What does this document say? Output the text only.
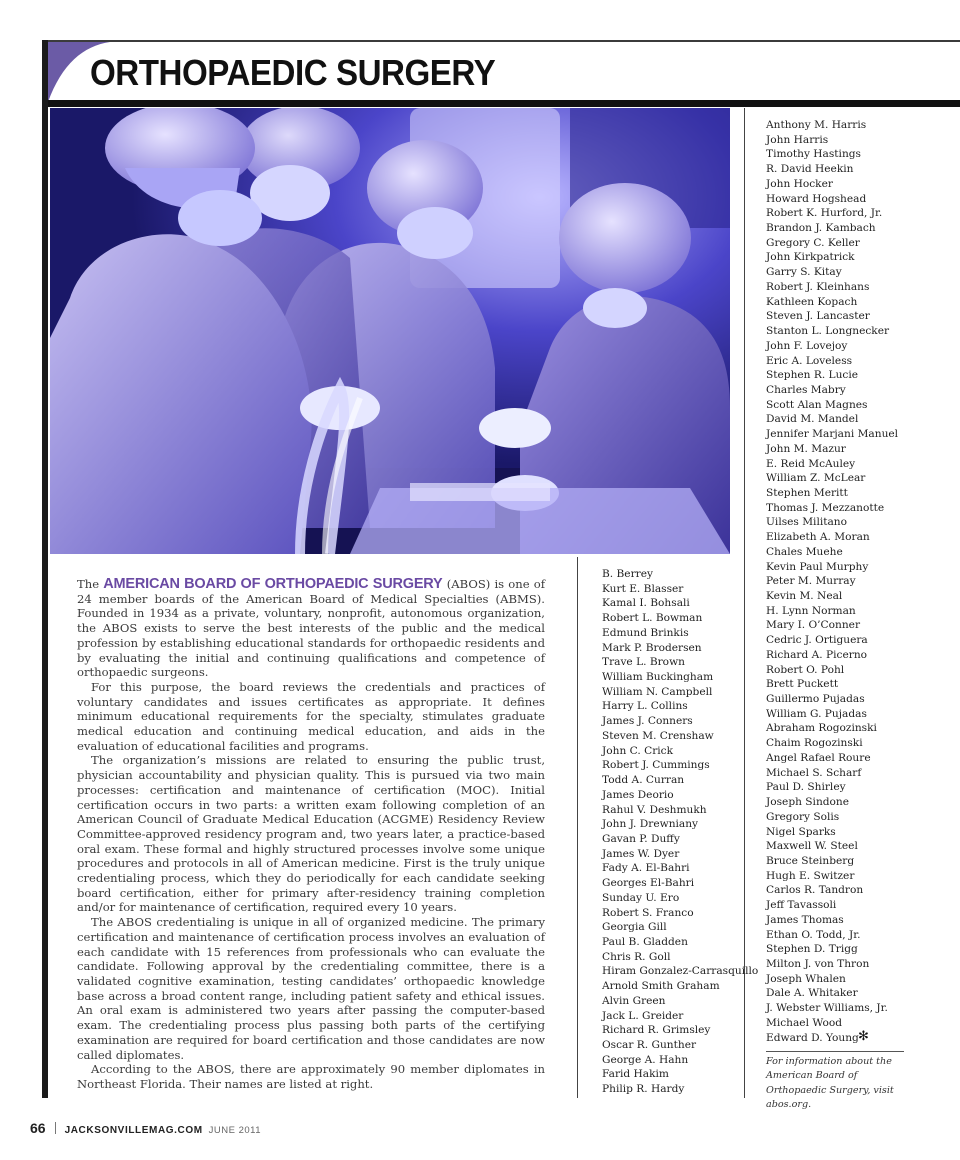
ORTHOPAEDIC SURGERY

The AMERICAN BOARD OF ORTHOPAEDIC SURGERY (ABOS) is one of 24 member boards of the American Board of Medical Specialties (ABMS). Founded in 1934 as a private, voluntary, nonprofit, autonomous organization, the ABOS exists to serve the best interests of the public and the medical profession by establishing educational standards for orthopaedic residents and by evaluating the initial and continuing qualifications and competence of orthopaedic surgeons.

For this purpose, the board reviews the credentials and practices of voluntary candidates and issues certificates as appropriate. It defines minimum educational requirements for the specialty, stimulates graduate medical education and continuing medical education, and aids in the evaluation of educational facilities and programs.

The organization’s missions are related to ensuring the public trust, physician accountability and physician quality. This is pursued via two main processes: certification and maintenance of certification (MOC). Initial certification occurs in two parts: a written exam following completion of an American Council of Graduate Medical Education (ACGME) Residency Review Committee-approved residency program and, two years later, a practice-based oral exam. These formal and highly structured processes involve some unique procedures and protocols in all of American medicine. First is the truly unique credentialing process, which they do periodically for each candidate seeking board certification, either for primary after-residency training completion and/or for maintenance of certification, required every 10 years.

The ABOS credentialing is unique in all of organized medicine. The primary certification and maintenance of certification process involves an evaluation of each candidate with 15 references from professionals who can evaluate the candidate. Following approval by the credentialing committee, there is a validated cognitive examination, testing candidates’ orthopaedic knowledge base across a broad content range, including patient safety and ethical issues. An oral exam is administered two years after passing the computer-based exam. The credentialing process plus passing both parts of the certifying examination are required for board certification and those candidates are now called diplomates.

According to the ABOS, there are approximately 90 member diplomates in Northeast Florida. Their names are listed at right.

B. Berrey
Kurt E. Blasser
Kamal I. Bohsali
Robert L. Bowman
Edmund Brinkis
Mark P. Brodersen
Trave L. Brown
William Buckingham
William N. Campbell
Harry L. Collins
James J. Conners
Steven M. Crenshaw
John C. Crick
Robert J. Cummings
Todd A. Curran
James Deorio
Rahul V. Deshmukh
John J. Drewniany
Gavan P. Duffy
James W. Dyer
Fady A. El-Bahri
Georges El-Bahri
Sunday U. Ero
Robert S. Franco
Georgia Gill
Paul B. Gladden
Chris R. Goll
Hiram Gonzalez-Carrasquillo
Arnold Smith Graham
Alvin Green
Jack L. Greider
Richard R. Grimsley
Oscar R. Gunther
George A. Hahn
Farid Hakim
Philip R. Hardy
Anthony M. Harris
John Harris
Timothy Hastings
R. David Heekin
John Hocker
Howard Hogshead
Robert K. Hurford, Jr.
Brandon J. Kambach
Gregory C. Keller
John Kirkpatrick
Garry S. Kitay
Robert J. Kleinhans
Kathleen Kopach
Steven J. Lancaster
Stanton L. Longnecker
John F. Lovejoy
Eric A. Loveless
Stephen R. Lucie
Charles Mabry
Scott Alan Magnes
David M. Mandel
Jennifer Marjani Manuel
John M. Mazur
E. Reid McAuley
William Z. McLear
Stephen Meritt
Thomas J. Mezzanotte
Uilses Militano
Elizabeth A. Moran
Chales Muehe
Kevin Paul Murphy
Peter M. Murray
Kevin M. Neal
H. Lynn Norman
Mary I. O’Conner
Cedric J. Ortiguera
Richard A. Picerno
Robert O. Pohl
Brett Puckett
Guillermo Pujadas
William G. Pujadas
Abraham Rogozinski
Chaim Rogozinski
Angel Rafael Roure
Michael S. Scharf
Paul D. Shirley
Joseph Sindone
Gregory Solis
Nigel Sparks
Maxwell W. Steel
Bruce Steinberg
Hugh E. Switzer
Carlos R. Tandron
Jeff Tavassoli
James Thomas
Ethan O. Todd, Jr.
Stephen D. Trigg
Milton J. von Thron
Joseph Whalen
Dale A. Whitaker
J. Webster Williams, Jr.
Michael Wood
Edward D. Young ✻
For information about the American Board of Orthopaedic Surgery, visit abos.org.
66 JACKSONVILLEMAG.COM JUNE 2011
